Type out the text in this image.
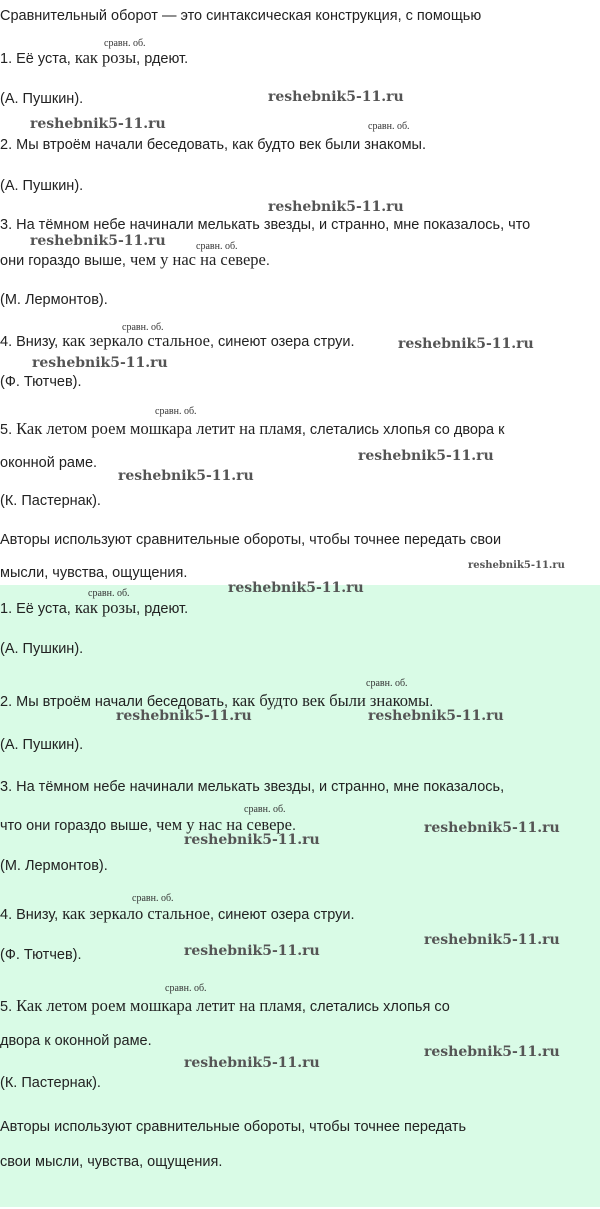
Сравнительный оборот — это синтаксическая конструкция, с помощью
сравн. об.
1. Её уста, как розы, рдеют.
(А. Пушкин).	reshebnik5-11.ru
reshebnik5-11.ru	сравн. об.
2. Мы втроём начали беседовать, как будто век были знакомы.
(А. Пушкин).
reshebnik5-11.ru
3. На тёмном небе начинали мелькать звезды, и странно, мне показалось, что
reshebnik5-11.ru	сравн. об.
они гораздо выше, чем у нас на севере.
(М. Лермонтов).
сравн. об.
4. Внизу, как зеркало стальное, синеют озера струи.	reshebnik5-11.ru
reshebnik5-11.ru
(Ф. Тютчев).
сравн. об.
5. Как летом роем мошкара летит на пламя, слетались хлопья со двора к
оконной раме.	reshebnik5-11.ru
reshebnik5-11.ru
(К. Пастернак).
Авторы используют сравнительные обороты, чтобы точнее передать свои
мысли, чувства, ощущения.	reshebnik5-11.ru
reshebnik5-11.ru
сравн. об.
1. Её уста, как розы, рдеют.
(А. Пушкин).
сравн. об.
2. Мы втроём начали беседовать, как будто век были знакомы.
reshebnik5-11.ru	reshebnik5-11.ru
(А. Пушкин).
3. На тёмном небе начинали мелькать звезды, и странно, мне показалось,
сравн. об.
что они гораздо выше, чем у нас на севере.	reshebnik5-11.ru
reshebnik5-11.ru
(М. Лермонтов).
сравн. об.
4. Внизу, как зеркало стальное, синеют озера струи.
reshebnik5-11.ru
reshebnik5-11.ru
(Ф. Тютчев).
сравн. об.
5. Как летом роем мошкара летит на пламя, слетались хлопья со
двора к оконной раме.
reshebnik5-11.ru
reshebnik5-11.ru
(К. Пастернак).
Авторы используют сравнительные обороты, чтобы точнее передать
свои мысли, чувства, ощущения.
